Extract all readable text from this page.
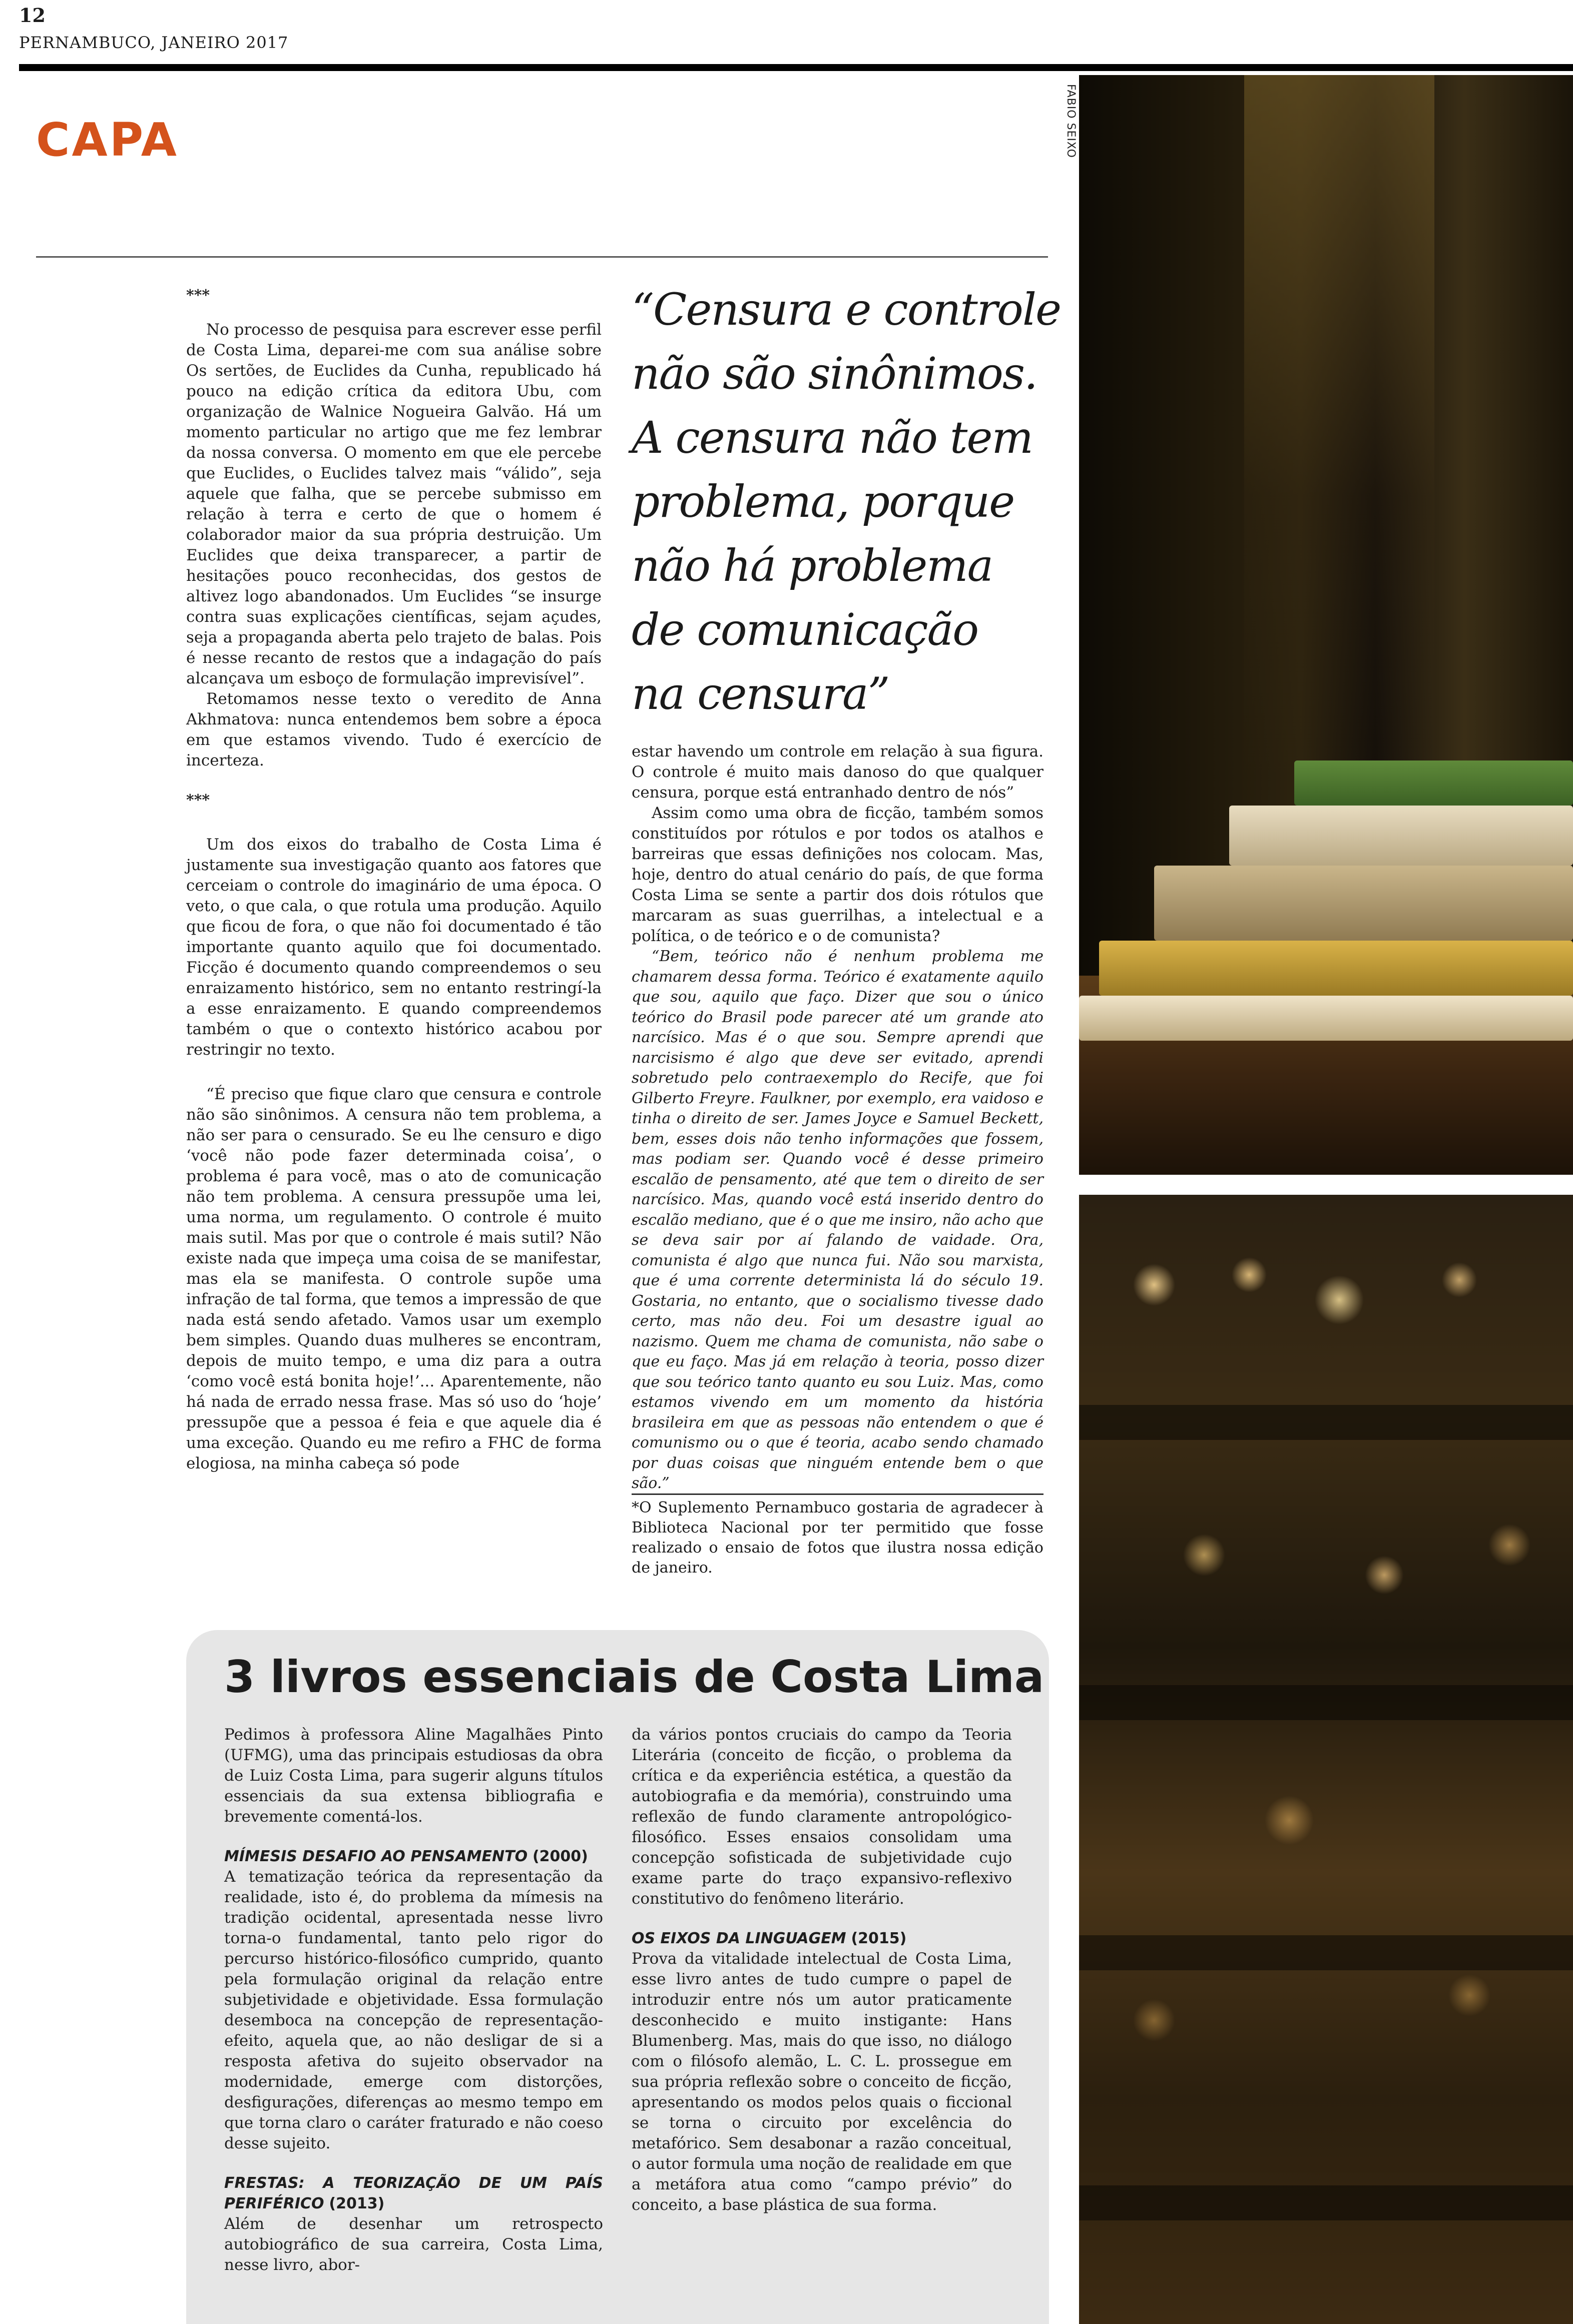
12
PERNAMBUCO, JANEIRO 2017
CAPA	FABIO SEIXO

***

No processo de pesquisa para escrever esse perfil de Costa Lima, deparei-me com sua análise sobre Os sertões, de Euclides da Cunha, republicado há pouco na edição crítica da editora Ubu, com organização de Walnice Nogueira Galvão. Há um momento particular no artigo que me fez lembrar da nossa conversa. O momento em que ele percebe que Euclides, o Euclides talvez mais “válido”, seja aquele que falha, que se percebe submisso em relação à terra e certo de que o homem é colaborador maior da sua própria destruição. Um Euclides que deixa transparecer, a partir de hesitações pouco reconhecidas, dos gestos de altivez logo abandonados. Um Euclides “se insurge contra suas explicações científicas, sejam açudes, seja a propaganda aberta pelo trajeto de balas. Pois é nesse recanto de restos que a indagação do país alcançava um esboço de formulação imprevisível”.

Retomamos nesse texto o veredito de Anna Akhmatova: nunca entendemos bem sobre a época em que estamos vivendo. Tudo é exercício de incerteza.

***

Um dos eixos do trabalho de Costa Lima é justamente sua investigação quanto aos fatores que cerceiam o controle do imaginário de uma época. O veto, o que cala, o que rotula uma produção. Aquilo que ficou de fora, o que não foi documentado é tão importante quanto aquilo que foi documentado. Ficção é documento quando compreendemos o seu enraizamento histórico, sem no entanto restringí-la a esse enraizamento. E quando compreendemos também o que o contexto histórico acabou por restringir no texto.

“É preciso que fique claro que censura e controle não são sinônimos. A censura não tem problema, a não ser para o censurado. Se eu lhe censuro e digo ‘você não pode fazer determinada coisa’, o problema é para você, mas o ato de comunicação não tem problema. A censura pressupõe uma lei, uma norma, um regulamento. O controle é muito mais sutil. Mas por que o controle é mais sutil? Não existe nada que impeça uma coisa de se manifestar, mas ela se manifesta. O controle supõe uma infração de tal forma, que temos a impressão de que nada está sendo afetado. Vamos usar um exemplo bem simples. Quando duas mulheres se encontram, depois de muito tempo, e uma diz para a outra ‘como você está bonita hoje!’... Aparentemente, não há nada de errado nessa frase. Mas só uso do ‘hoje’ pressupõe que a pessoa é feia e que aquele dia é uma exceção. Quando eu me refiro a FHC de forma elogiosa, na minha cabeça só pode

“Censura e controle
não são sinônimos.
A censura não tem
problema, porque
não há problema
de comunicação
na censura”

estar havendo um controle em relação à sua figura. O controle é muito mais danoso do que qualquer censura, porque está entranhado dentro de nós”

Assim como uma obra de ficção, também somos constituídos por rótulos e por todos os atalhos e barreiras que essas definições nos colocam. Mas, hoje, dentro do atual cenário do país, de que forma Costa Lima se sente a partir dos dois rótulos que marcaram as suas guerrilhas, a intelectual e a política, o de teórico e o de comunista?

“Bem, teórico não é nenhum problema me chamarem dessa forma. Teórico é exatamente aquilo que sou, aquilo que faço. Dizer que sou o único teórico do Brasil pode parecer até um grande ato narcísico. Mas é o que sou. Sempre aprendi que narcisismo é algo que deve ser evitado, aprendi sobretudo pelo contraexemplo do Recife, que foi Gilberto Freyre. Faulkner, por exemplo, era vaidoso e tinha o direito de ser. James Joyce e Samuel Beckett, bem, esses dois não tenho informações que fossem, mas podiam ser. Quando você é desse primeiro escalão de pensamento, até que tem o direito de ser narcísico. Mas, quando você está inserido dentro do escalão mediano, que é o que me insiro, não acho que se deva sair por aí falando de vaidade. Ora, comunista é algo que nunca fui. Não sou marxista, que é uma corrente determinista lá do século 19. Gostaria, no entanto, que o socialismo tivesse dado certo, mas não deu. Foi um desastre igual ao nazismo. Quem me chama de comunista, não sabe o que eu faço. Mas já em relação à teoria, posso dizer que sou teórico tanto quanto eu sou Luiz. Mas, como estamos vivendo em um momento da história brasileira em que as pessoas não entendem o que é comunismo ou o que é teoria, acabo sendo chamado por duas coisas que ninguém entende bem o que são.”

*O Suplemento Pernambuco gostaria de agradecer à Biblioteca Nacional por ter permitido que fosse realizado o ensaio de fotos que ilustra nossa edição de janeiro.
3 livros essenciais de Costa Lima

Pedimos à professora Aline Magalhães Pinto (UFMG), uma das principais estudiosas da obra de Luiz Costa Lima, para sugerir alguns títulos essenciais da sua extensa bibliografia e brevemente comentá-los.

MÍMESIS DESAFIO AO PENSAMENTO (2000)

A tematização teórica da representação da realidade, isto é, do problema da mímesis na tradição ocidental, apresentada nesse livro torna-o fundamental, tanto pelo rigor do percurso histórico-filosófico cumprido, quanto pela formulação original da relação entre subjetividade e objetividade. Essa formulação desemboca na concepção de representação-efeito, aquela que, ao não desligar de si a resposta afetiva do sujeito observador na modernidade, emerge com distorções, desfigurações, diferenças ao mesmo tempo em que torna claro o caráter fraturado e não coeso desse sujeito.

FRESTAS: A TEORIZAÇÃO DE UM PAÍS PERIFÉRICO (2013)

Além de desenhar um retrospecto autobiográfico de sua carreira, Costa Lima, nesse livro, abor-

da vários pontos cruciais do campo da Teoria Literária (conceito de ficção, o problema da crítica e da experiência estética, a questão da autobiografia e da memória), construindo uma reflexão de fundo claramente antropológico-filosófico. Esses ensaios consolidam uma concepção sofisticada de subjetividade cujo exame parte do traço expansivo-reflexivo constitutivo do fenômeno literário.

OS EIXOS DA LINGUAGEM (2015)

Prova da vitalidade intelectual de Costa Lima, esse livro antes de tudo cumpre o papel de introduzir entre nós um autor praticamente desconhecido e muito instigante: Hans Blumenberg. Mas, mais do que isso, no diálogo com o filósofo alemão, L. C. L. prossegue em sua própria reflexão sobre o conceito de ficção, apresentando os modos pelos quais o ficcional se torna o circuito por excelência do metafórico. Sem desabonar a razão conceitual, o autor formula uma noção de realidade em que a metáfora atua como “campo prévio” do conceito, a base plástica de sua forma.
